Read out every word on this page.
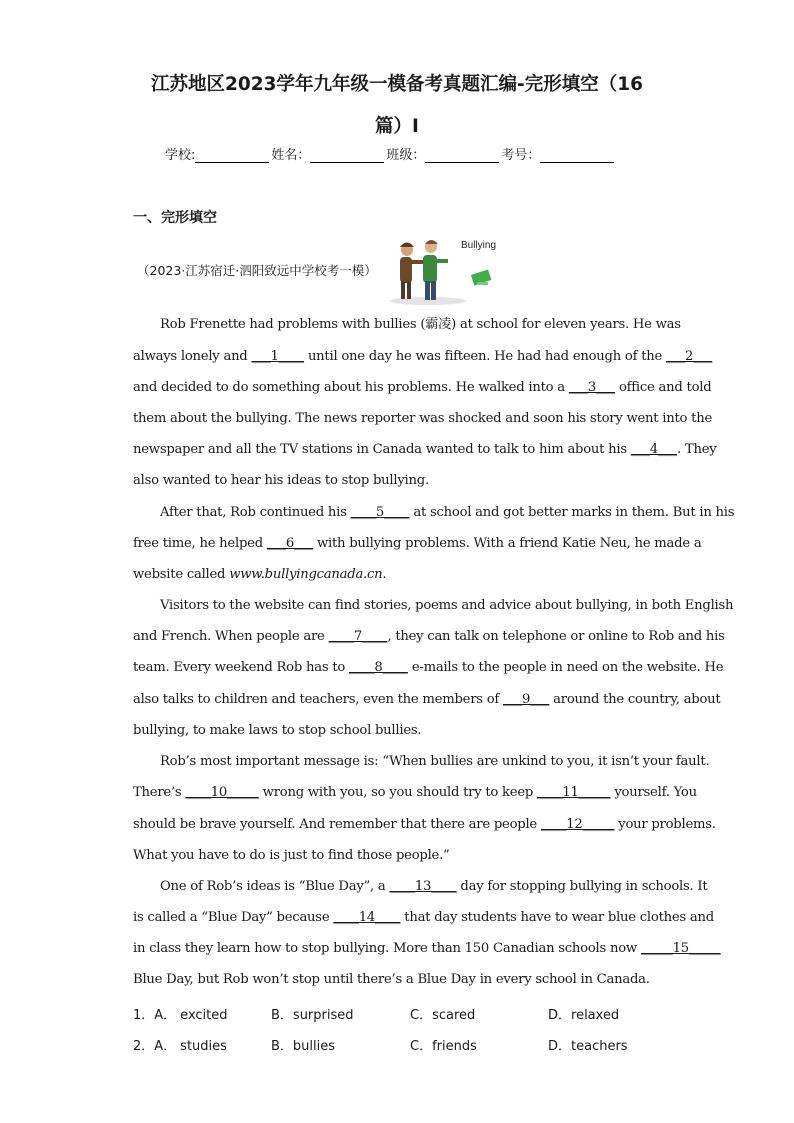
江苏地区2023学年九年级一模备考真题汇编-完形填空（16
篇）Ⅰ
学校:	姓名：	班级：	考号：
一、完形填空
（2023·江苏宿迁·泗阳致远中学校考一模）
Bullying
Rob Frenette had problems with bullies (霸凌) at school for eleven years. He was
always lonely and ___1____ until one day he was fifteen. He had had enough of the ___2___
and decided to do something about his problems. He walked into a ___3___ office and told
them about the bullying. The news reporter was shocked and soon his story went into the
newspaper and all the TV stations in Canada wanted to talk to him about his ___4___. They
also wanted to hear his ideas to stop bullying.
After that, Rob continued his ____5____ at school and got better marks in them. But in his
free time, he helped ___6___ with bullying problems. With a friend Katie Neu, he made a
website called www.bullyingcanada.cn.
Visitors to the website can find stories, poems and advice about bullying, in both English
and French. When people are ____7____, they can talk on telephone or online to Rob and his
team. Every weekend Rob has to ____8____ e-mails to the people in need on the website. He
also talks to children and teachers, even the members of ___9___ around the country, about
bullying, to make laws to stop school bullies.
Rob’s most important message is: “When bullies are unkind to you, it isn’t your fault.
There’s ____10_____ wrong with you, so you should try to keep ____11_____ yourself. You
should be brave yourself. And remember that there are people ____12_____ your problems.
What you have to do is just to find those people.”
One of Rob’s ideas is “Blue Day”, a ____13____ day for stopping bullying in schools. It
is called a “Blue Day” because ____14____ that day students have to wear blue clothes and
in class they learn how to stop bullying. More than 150 Canadian schools now _____15_____
Blue Day, but Rob won’t stop until there’s a Blue Day in every school in Canada.
1．A． excited	B．surprised	C．scared	D．relaxed
2．A． studies	B．bullies	C．friends	D．teachers
